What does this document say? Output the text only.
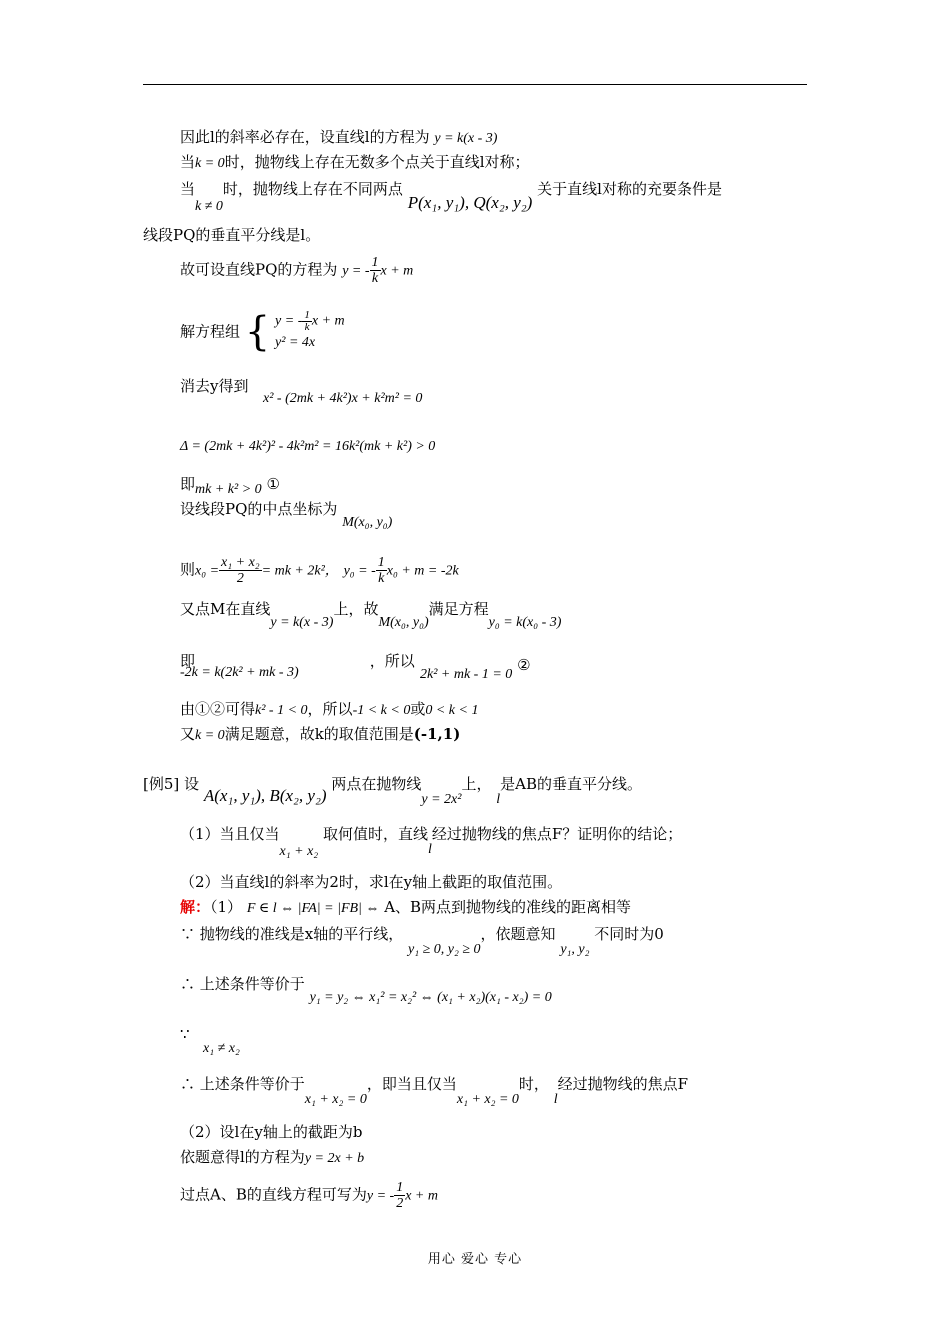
因此l的斜率必存在，设直线l的方程为 y = k(x - 3)
当k = 0时，抛物线上存在无数多个点关于直线l对称；
当k ≠ 0时，抛物线上存在不同两点 P(x₁, y₁), Q(x₂, y₂) 关于直线l对称的充要条件是
线段PQ的垂直平分线是l。
故可设直线PQ的方程为 y = - $\frac{1}{k}$ x + m
解方程组 { y = - $\frac{1}{k}$ x + m
y² = 4x
消去y得到
x² - (2mk + 4k²)x + k²m² = 0
Δ = (2mk + 4k²)² - 4k²m² = 16k²(mk + k²) > 0
即mk + k² > 0 ①
设线段PQ的中点坐标为 M(x₀, y₀)
则$x_0 = \frac{\text{x₁ + x₂}}{2}$ = mk + 2k²， y₀ = - $\frac{1}{k} x_0 + m = -2k$
又点M在直线y = k(x - 3)上，故M(x₀, y₀)满足方程y₀ = k(x₀ - 3)
即	，所以
-2k = k(2k² + mk - 3)	2k² + mk - 1 = 0 ②
由①②可得k² - 1 < 0，所以-1 < k < 0或0 < k < 1
又k = 0满足题意，故k的取值范围是(-1,1)
[例5] 设 A(x₁, y₁), B(x₂, y₂) 两点在抛物线y = 2x²上， l是AB的垂直平分线。
（1）当且仅当x₁ + x₂ 取何值时，直线l经过抛物线的焦点F？证明你的结论；
（2）当直线l的斜率为2时，求l在y轴上截距的取值范围。
解：（1） F ∈ l ⇔ |FA| = |FB| ⇔ A、B两点到抛物线的准线的距离相等
∵ 抛物线的准线是x轴的平行线， y₁ ≥ 0, y₂ ≥ 0，依题意知 y₁, y₂ 不同时为0
∴ 上述条件等价于 y₁ = y₂ ⇔ x₁² = x₂² ⇔ (x₁ + x₂)(x₁ - x₂) = 0
∵
x₁ ≠ x₂
∴ 上述条件等价于x₁ + x₂ = 0，即当且仅当x₁ + x₂ = 0时， l经过抛物线的焦点F
（2）设l在y轴上的截距为b
依题意得l的方程为y = 2x + b
过点A、B的直线方程可写为y = - $\frac{1}{2}$ x + m
用心 爱心 专心
